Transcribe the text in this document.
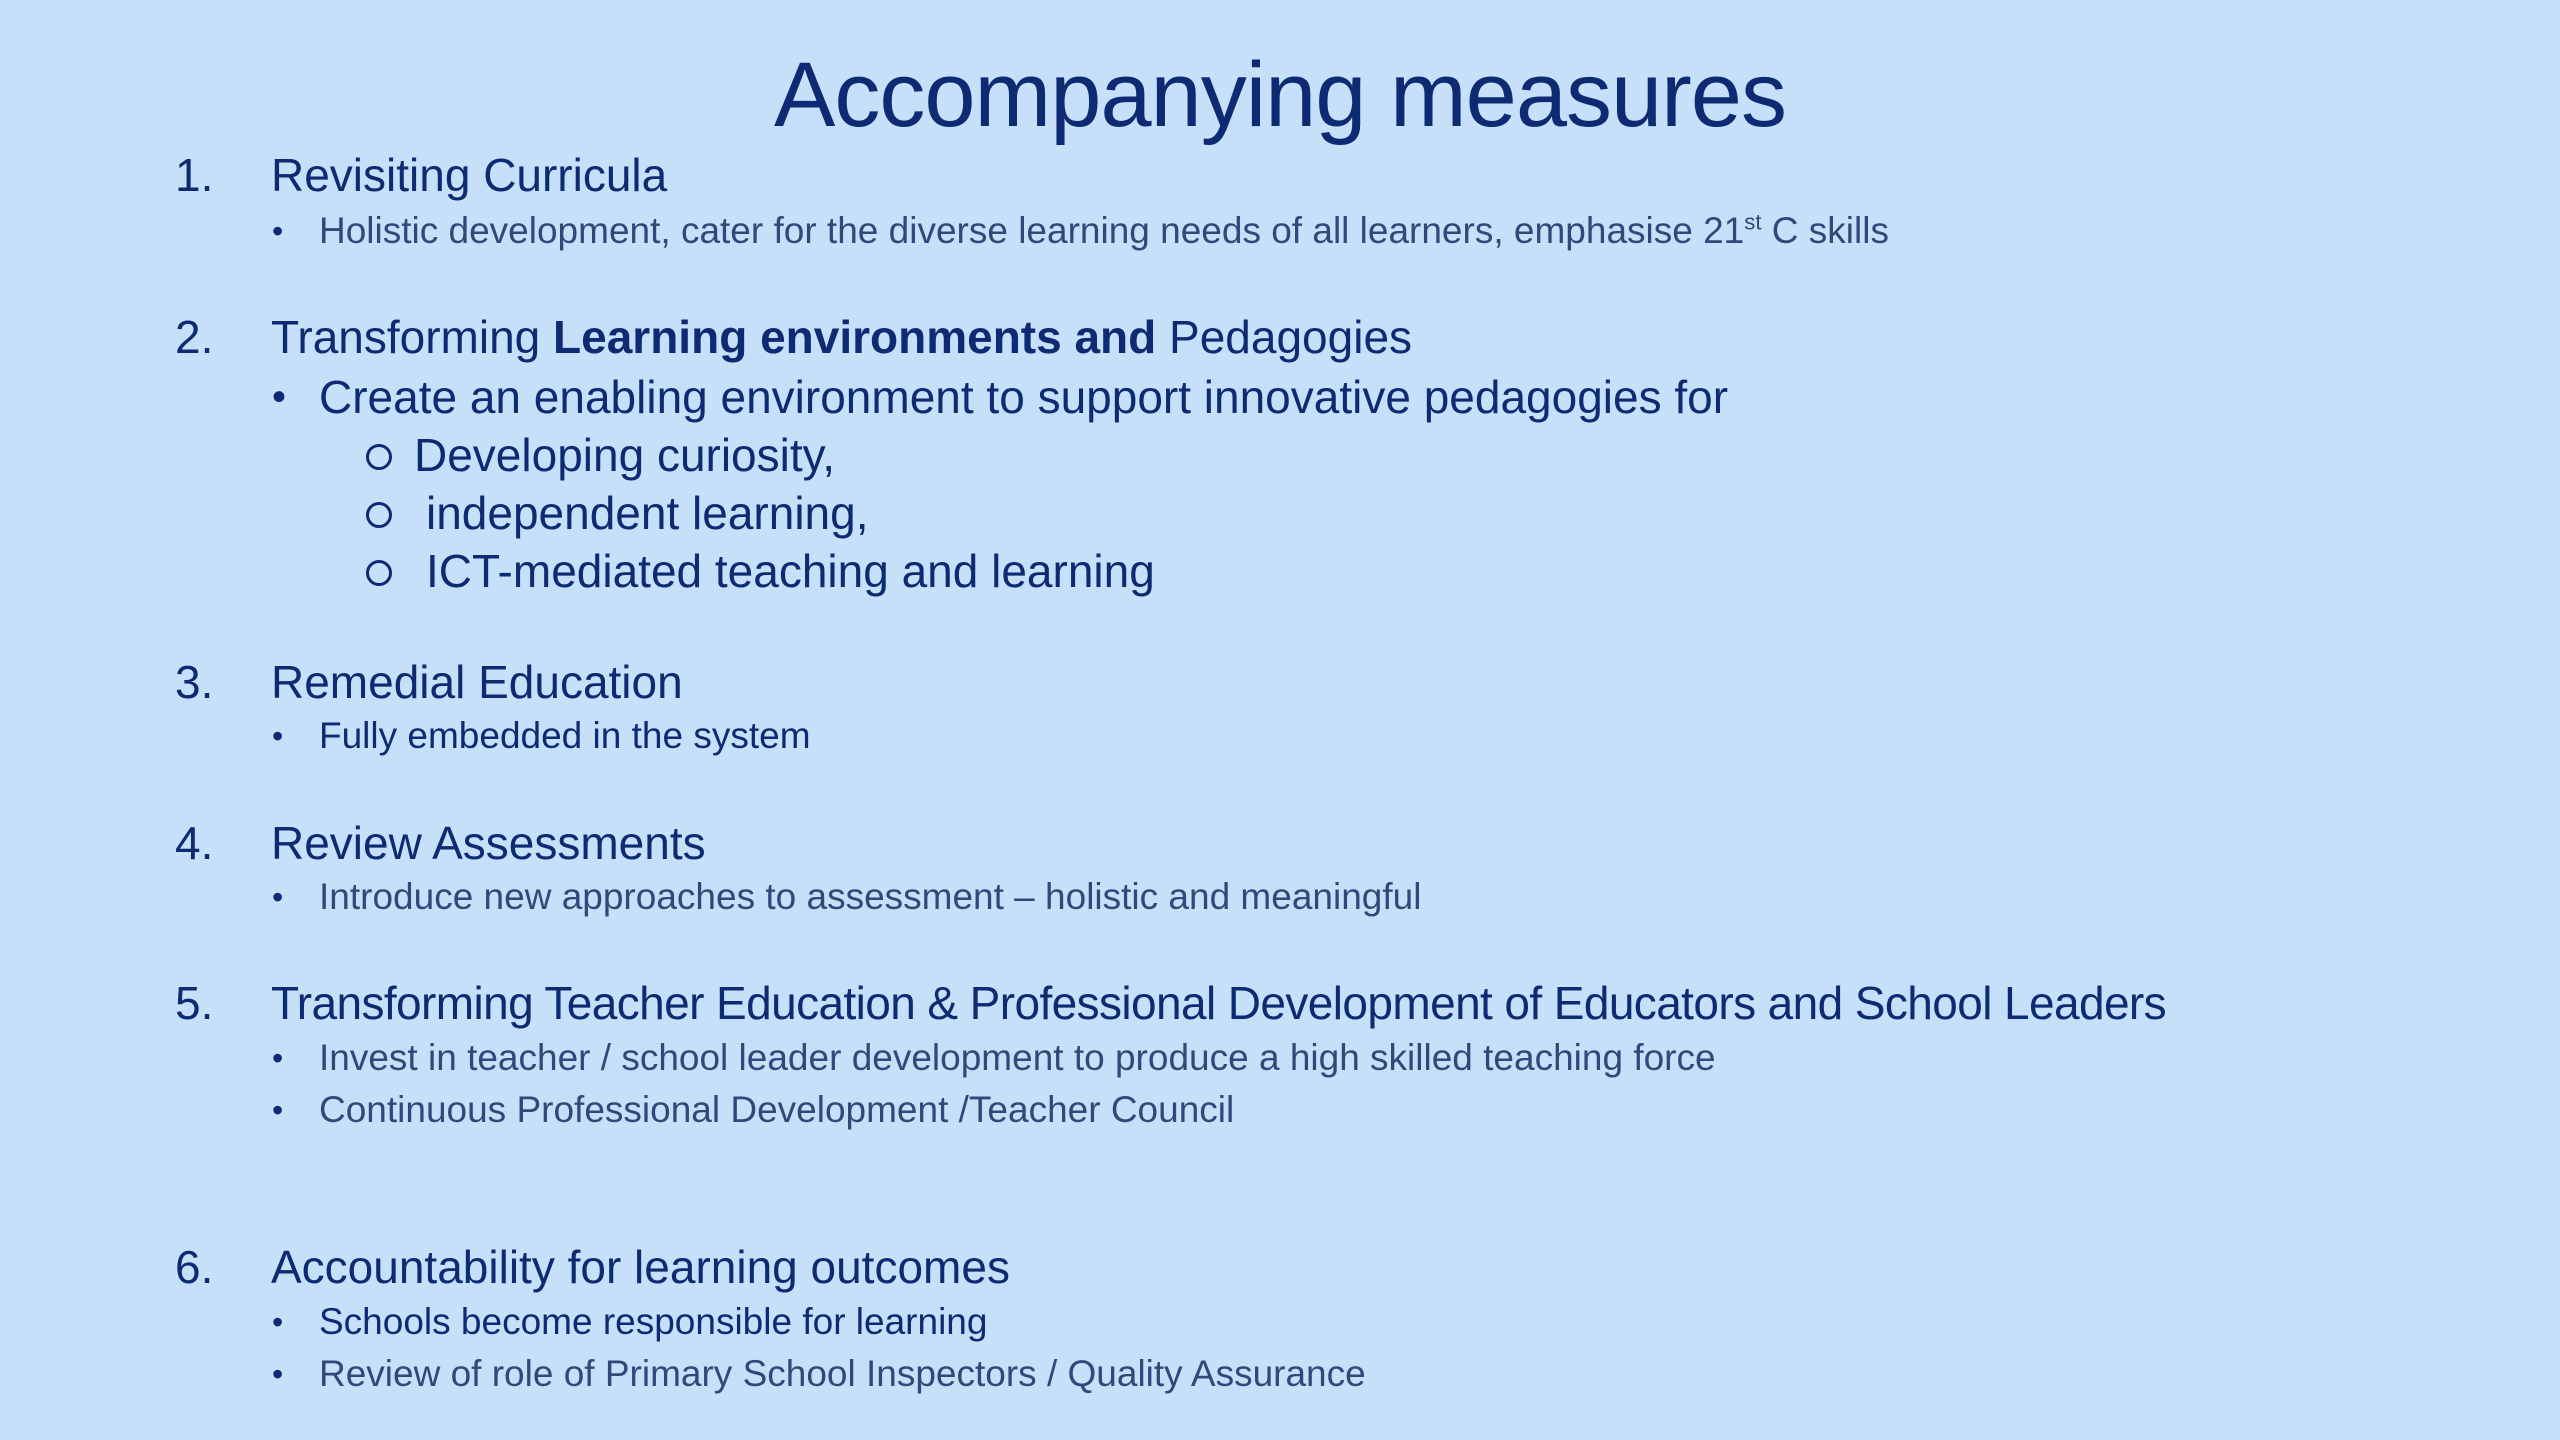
Accompanying measures
1. Revisiting Curricula
• Holistic development, cater for the diverse learning needs of all learners, emphasise 21st C skills
2. Transforming Learning environments and Pedagogies
• Create an enabling environment to support innovative pedagogies for
Developing curiosity,
independent learning,
ICT-mediated teaching and learning
3. Remedial Education
• Fully embedded in the system
4. Review Assessments
• Introduce new approaches to assessment – holistic and meaningful
5. Transforming Teacher Education & Professional Development of Educators and School Leaders
• Invest in teacher / school leader development to produce a high skilled teaching force
• Continuous Professional Development /Teacher Council
6. Accountability for learning outcomes
• Schools become responsible for learning
• Review of role of Primary School Inspectors / Quality Assurance
